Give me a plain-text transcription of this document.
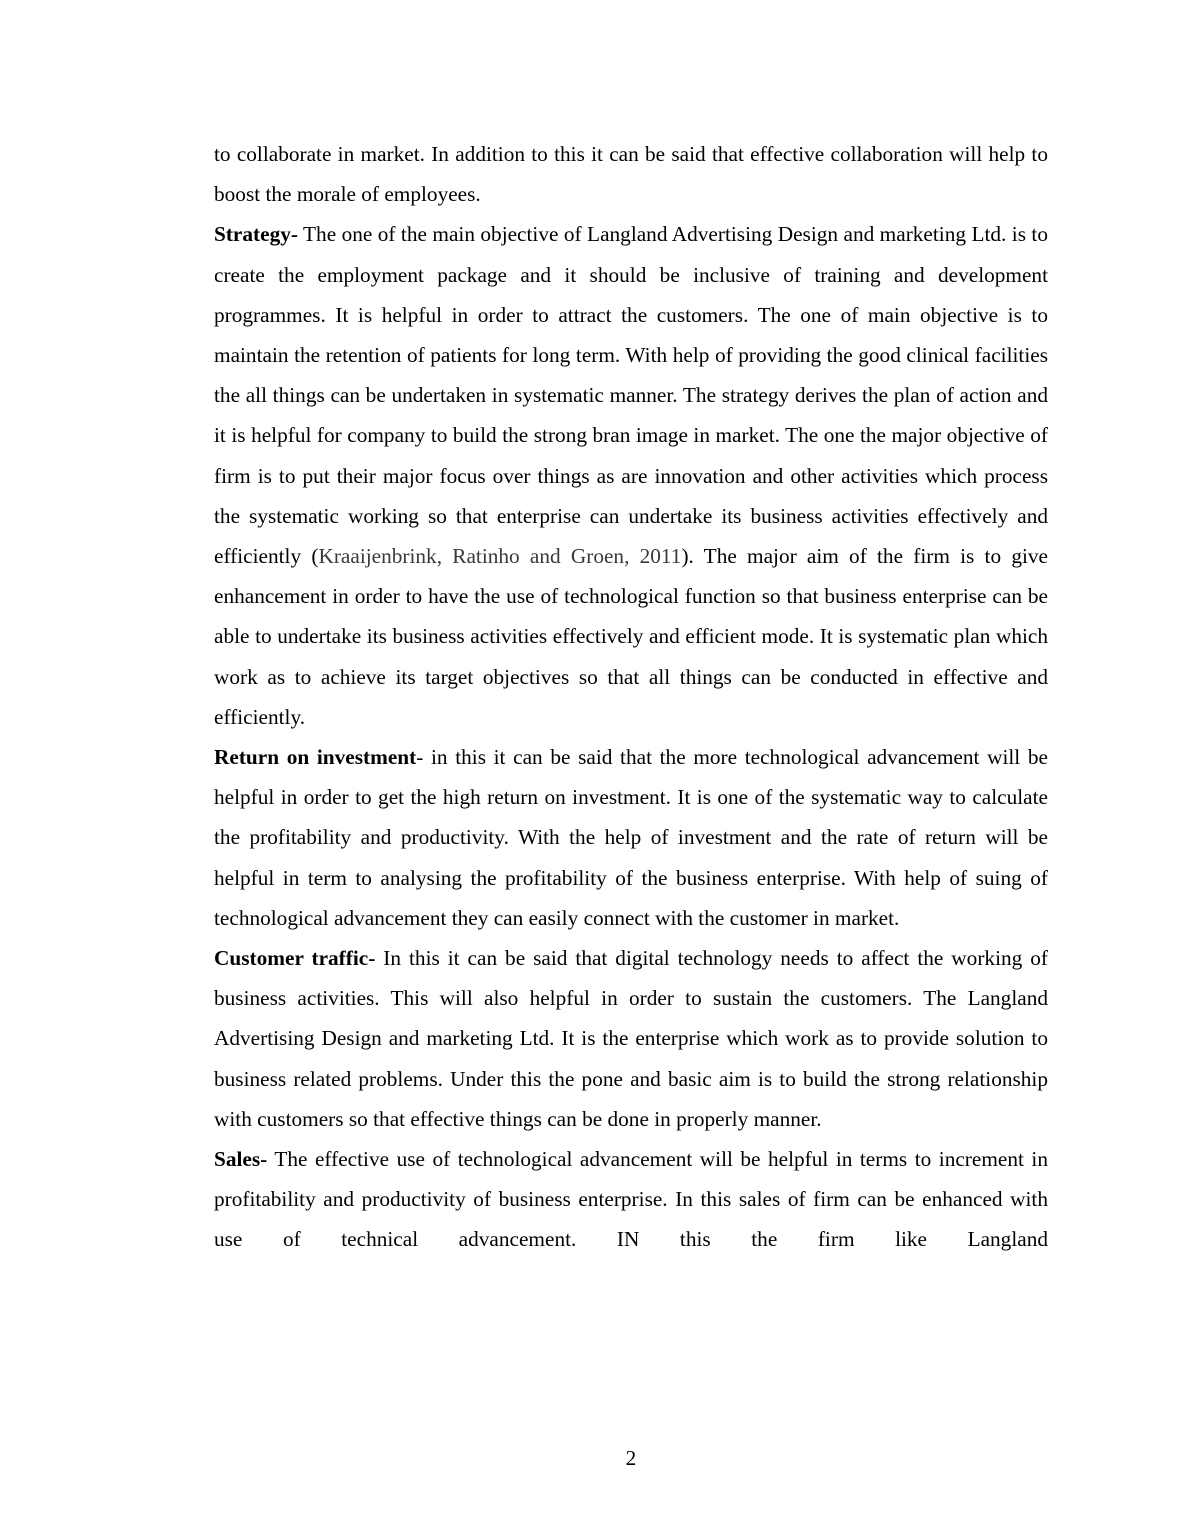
to collaborate in market. In addition to this it can be said that effective collaboration will help to boost the morale of employees.

Strategy- The one of the main objective of Langland Advertising Design and marketing Ltd. is to create the employment package and it should be inclusive of training and development programmes. It is helpful in order to attract the customers. The one of main objective is to maintain the retention of patients for long term. With help of providing the good clinical facilities the all things can be undertaken in systematic manner. The strategy derives the plan of action and it is helpful for company to build the strong bran image in market. The one the major objective of firm is to put their major focus over things as are innovation and other activities which process the systematic working so that enterprise can undertake its business activities effectively and efficiently (Kraaijenbrink, Ratinho and Groen, 2011). The major aim of the firm is to give enhancement in order to have the use of technological function so that business enterprise can be able to undertake its business activities effectively and efficient mode. It is systematic plan which work as to achieve its target objectives so that all things can be conducted in effective and efficiently.

Return on investment- in this it can be said that the more technological advancement will be helpful in order to get the high return on investment. It is one of the systematic way to calculate the profitability and productivity. With the help of investment and the rate of return will be helpful in term to analysing the profitability of the business enterprise. With help of suing of technological advancement they can easily connect with the customer in market.

Customer traffic- In this it can be said that digital technology needs to affect the working of business activities. This will also helpful in order to sustain the customers. The Langland Advertising Design and marketing Ltd. It is the enterprise which work as to provide solution to business related problems. Under this the pone and basic aim is to build the strong relationship with customers so that effective things can be done in properly manner.

Sales- The effective use of technological advancement will be helpful in terms to increment in profitability and productivity of business enterprise. In this sales of firm can be enhanced with use of technical advancement. IN this the firm like Langland

2
